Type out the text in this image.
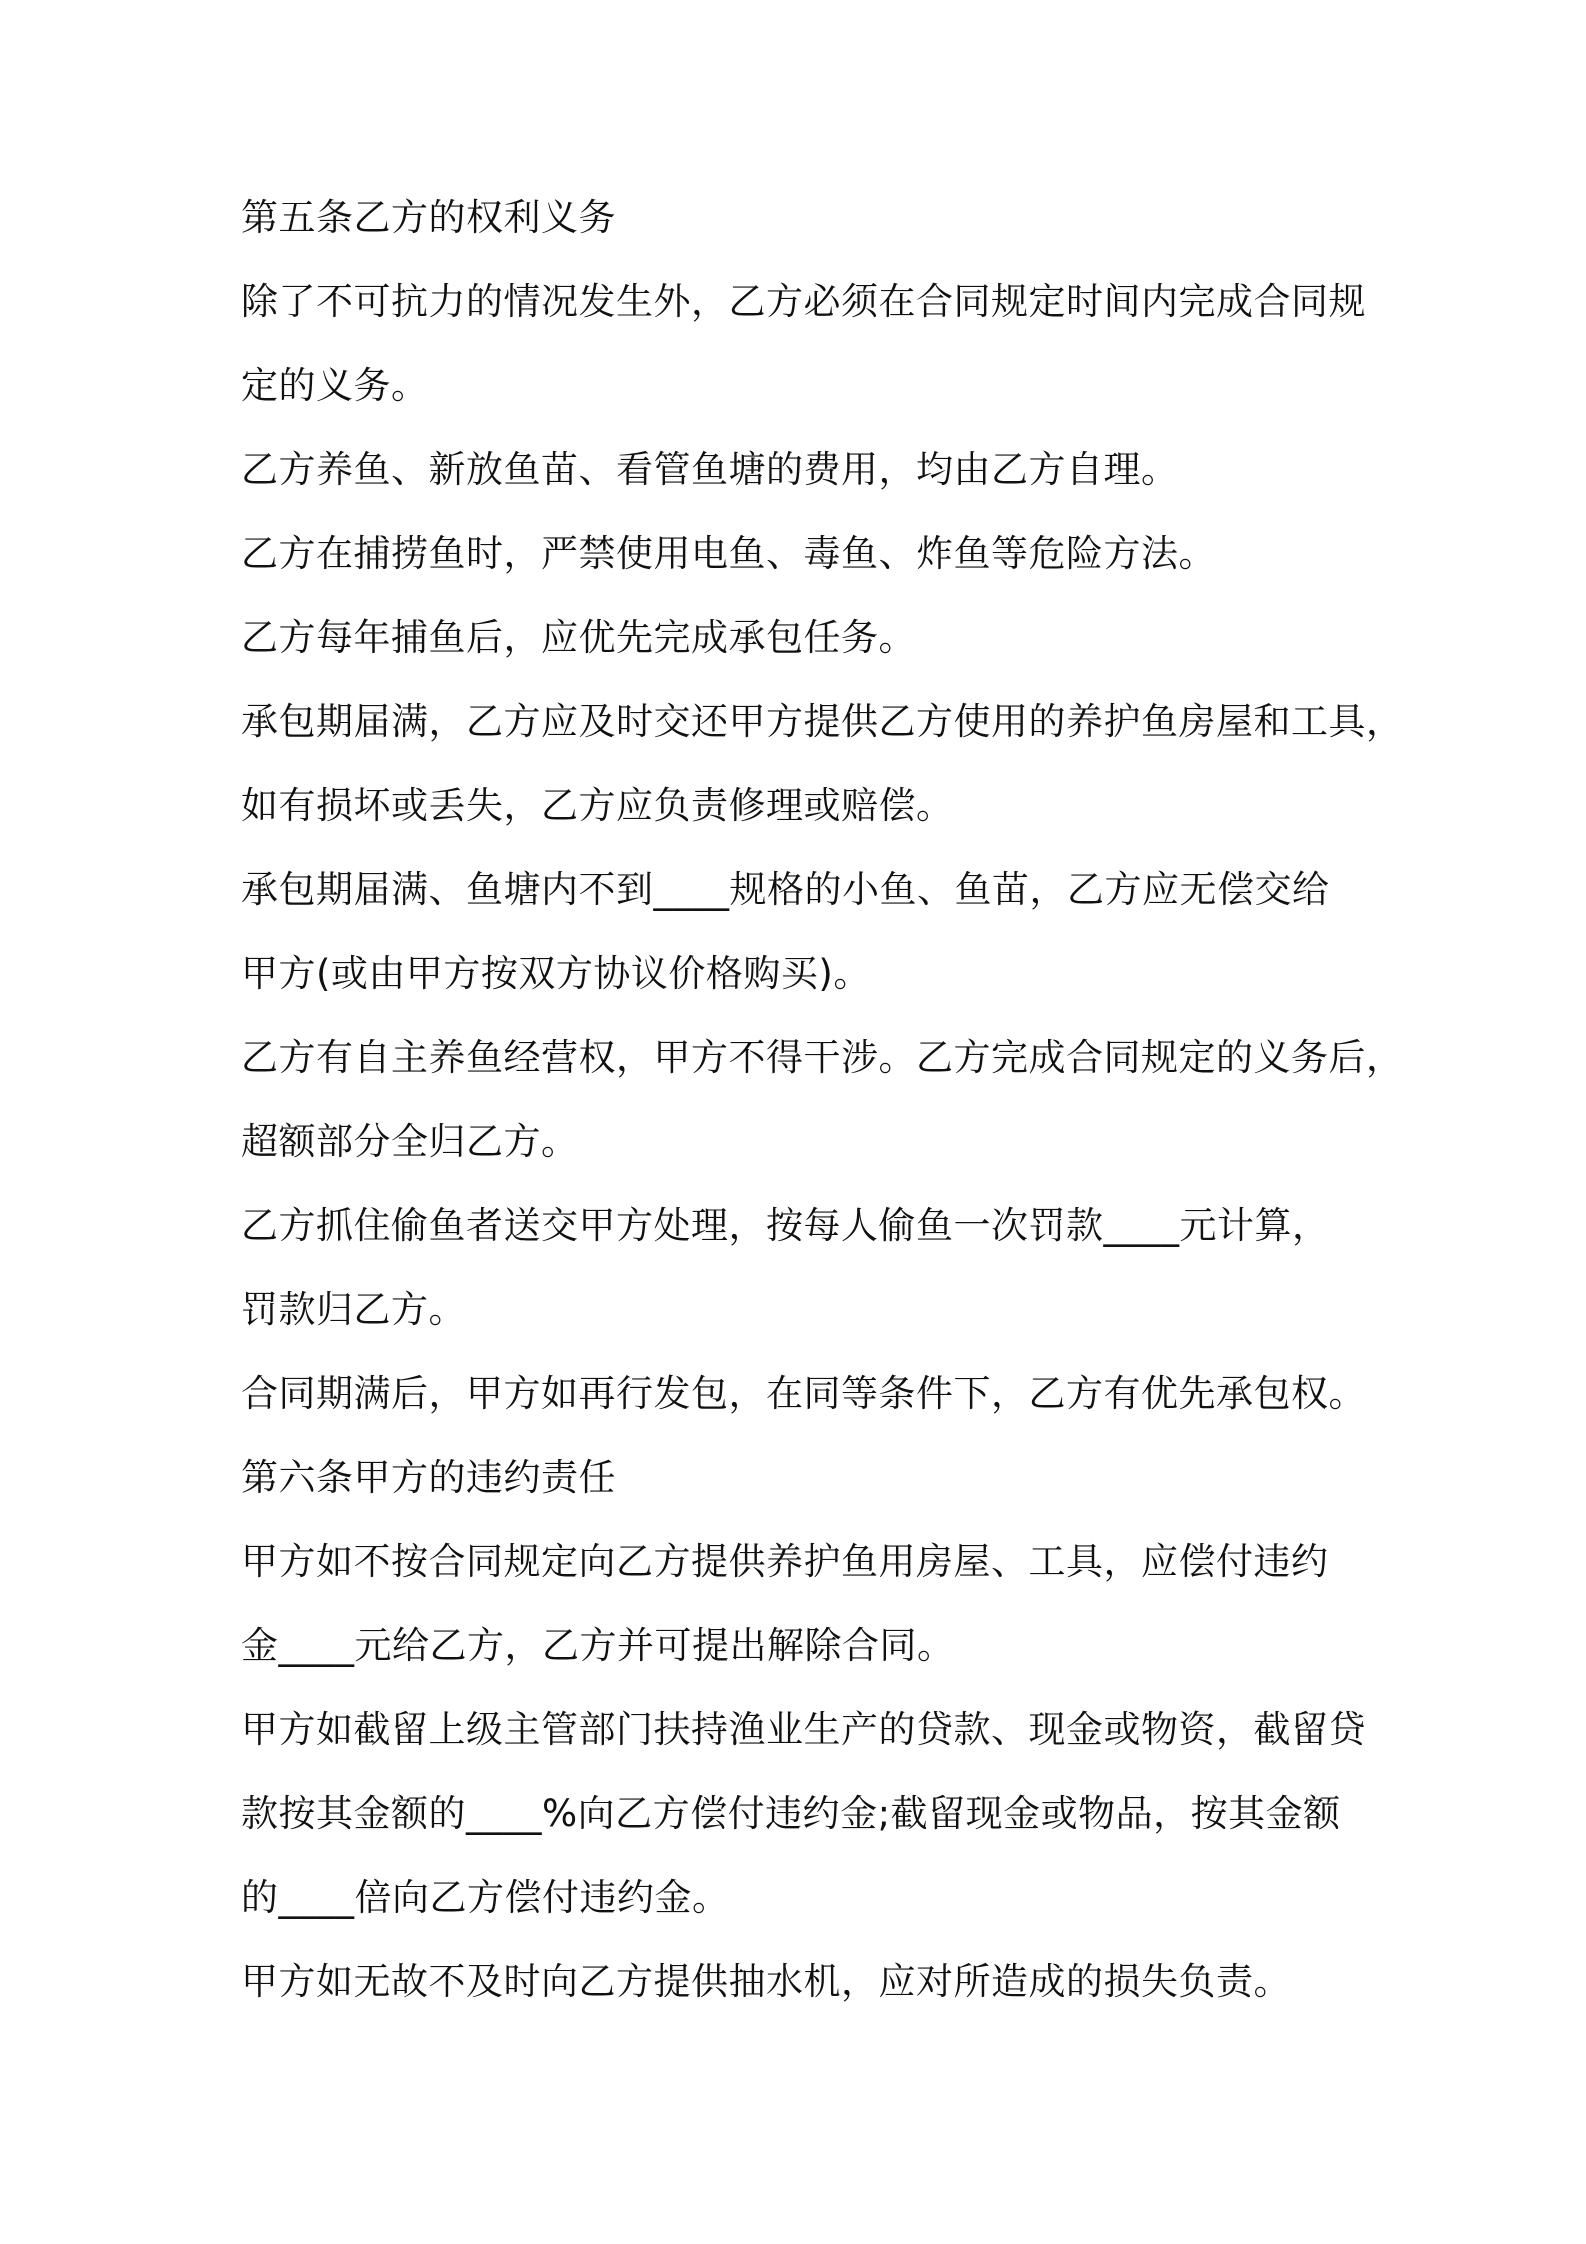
第五条乙方的权利义务
除了不可抗力的情况发生外，乙方必须在合同规定时间内完成合同规
定的义务。
乙方养鱼、新放鱼苗、看管鱼塘的费用，均由乙方自理。
乙方在捕捞鱼时，严禁使用电鱼、毒鱼、炸鱼等危险方法。
乙方每年捕鱼后，应优先完成承包任务。
承包期届满，乙方应及时交还甲方提供乙方使用的养护鱼房屋和工具，
如有损坏或丢失，乙方应负责修理或赔偿。
承包期届满、鱼塘内不到____规格的小鱼、鱼苗，乙方应无偿交给
甲方(或由甲方按双方协议价格购买)。
乙方有自主养鱼经营权，甲方不得干涉。乙方完成合同规定的义务后，
超额部分全归乙方。
乙方抓住偷鱼者送交甲方处理，按每人偷鱼一次罚款____元计算，
罚款归乙方。
合同期满后，甲方如再行发包，在同等条件下，乙方有优先承包权。
第六条甲方的违约责任
甲方如不按合同规定向乙方提供养护鱼用房屋、工具，应偿付违约
金____元给乙方，乙方并可提出解除合同。
甲方如截留上级主管部门扶持渔业生产的贷款、现金或物资，截留贷
款按其金额的____%向乙方偿付违约金;截留现金或物品，按其金额
的____倍向乙方偿付违约金。
甲方如无故不及时向乙方提供抽水机，应对所造成的损失负责。
